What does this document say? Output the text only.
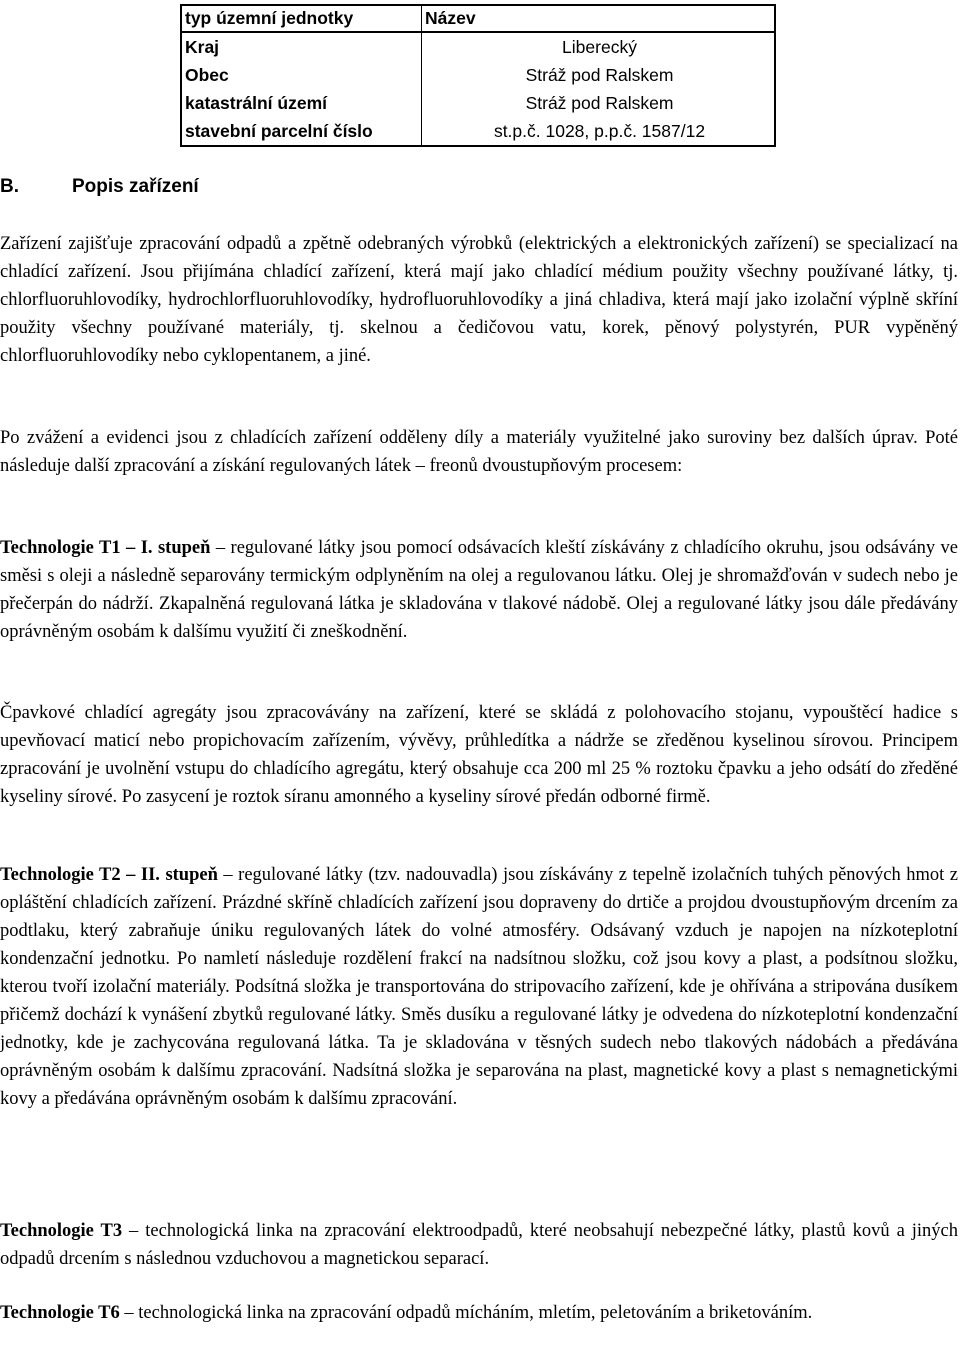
typ územní jednotky	Název
Kraj	Liberecký
Obec	Stráž pod Ralskem
katastrální území	Stráž pod Ralskem
stavební parcelní číslo	st.p.č. 1028, p.p.č. 1587/12
B.	Popis zařízení
Zařízení zajišťuje zpracování odpadů a zpětně odebraných výrobků (elektrických a elektronických zařízení) se specializací na chladící zařízení. Jsou přijímána chladící zařízení, která mají jako chladící médium použity všechny používané látky, tj. chlorfluoruhlovodíky, hydrochlorfluoruhlovodíky, hydrofluoruhlovodíky a jiná chladiva, která mají jako izolační výplně skříní použity všechny používané materiály, tj. skelnou a čedičovou vatu, korek, pěnový polystyrén, PUR vypěněný chlorfluoruhlovodíky nebo cyklopentanem, a jiné.
Po zvážení a evidenci jsou z chladících zařízení odděleny díly a materiály využitelné jako suroviny bez dalších úprav. Poté následuje další zpracování a získání regulovaných látek – freonů dvoustupňovým procesem:
Technologie T1 – I. stupeň – regulované látky jsou pomocí odsávacích kleští získávány z chladícího okruhu, jsou odsávány ve směsi s oleji a následně separovány termickým odplyněním na olej a regulovanou látku. Olej je shromažďován v sudech nebo je přečerpán do nádrží. Zkapalněná regulovaná látka je skladována v tlakové nádobě. Olej a regulované látky jsou dále předávány oprávněným osobám k dalšímu využití či zneškodnění.
Čpavkové chladící agregáty jsou zpracovávány na zařízení, které se skládá z polohovacího stojanu, vypouštěcí hadice s upevňovací maticí nebo propichovacím zařízením, vývěvy, průhledítka a nádrže se zředěnou kyselinou sírovou. Principem zpracování je uvolnění vstupu do chladícího agregátu, který obsahuje cca 200 ml 25 % roztoku čpavku a jeho odsátí do zředěné kyseliny sírové. Po zasycení je roztok síranu amonného a kyseliny sírové předán odborné firmě.
Technologie T2 – II. stupeň – regulované látky (tzv. nadouvadla) jsou získávány z tepelně izolačních tuhých pěnových hmot z opláštění chladících zařízení. Prázdné skříně chladících zařízení jsou dopraveny do drtiče a projdou dvoustupňovým drcením za podtlaku, který zabraňuje úniku regulovaných látek do volné atmosféry. Odsávaný vzduch je napojen na nízkoteplotní kondenzační jednotku. Po namletí následuje rozdělení frakcí na nadsítnou složku, což jsou kovy a plast, a podsítnou složku, kterou tvoří izolační materiály. Podsítná složka je transportována do stripovacího zařízení, kde je ohřívána a stripována dusíkem přičemž dochází k vynášení zbytků regulované látky. Směs dusíku a regulované látky je odvedena do nízkoteplotní kondenzační jednotky, kde je zachycována regulovaná látka. Ta je skladována v těsných sudech nebo tlakových nádobách a předávána oprávněným osobám k dalšímu zpracování. Nadsítná složka je separována na plast, magnetické kovy a plast s nemagnetickými kovy a předávána oprávněným osobám k dalšímu zpracování.
Technologie T3 – technologická linka na zpracování elektroodpadů, které neobsahují nebezpečné látky, plastů kovů a jiných odpadů drcením s následnou vzduchovou a magnetickou separací.
Technologie T6 – technologická linka na zpracování odpadů mícháním, mletím, peletováním a briketováním.
